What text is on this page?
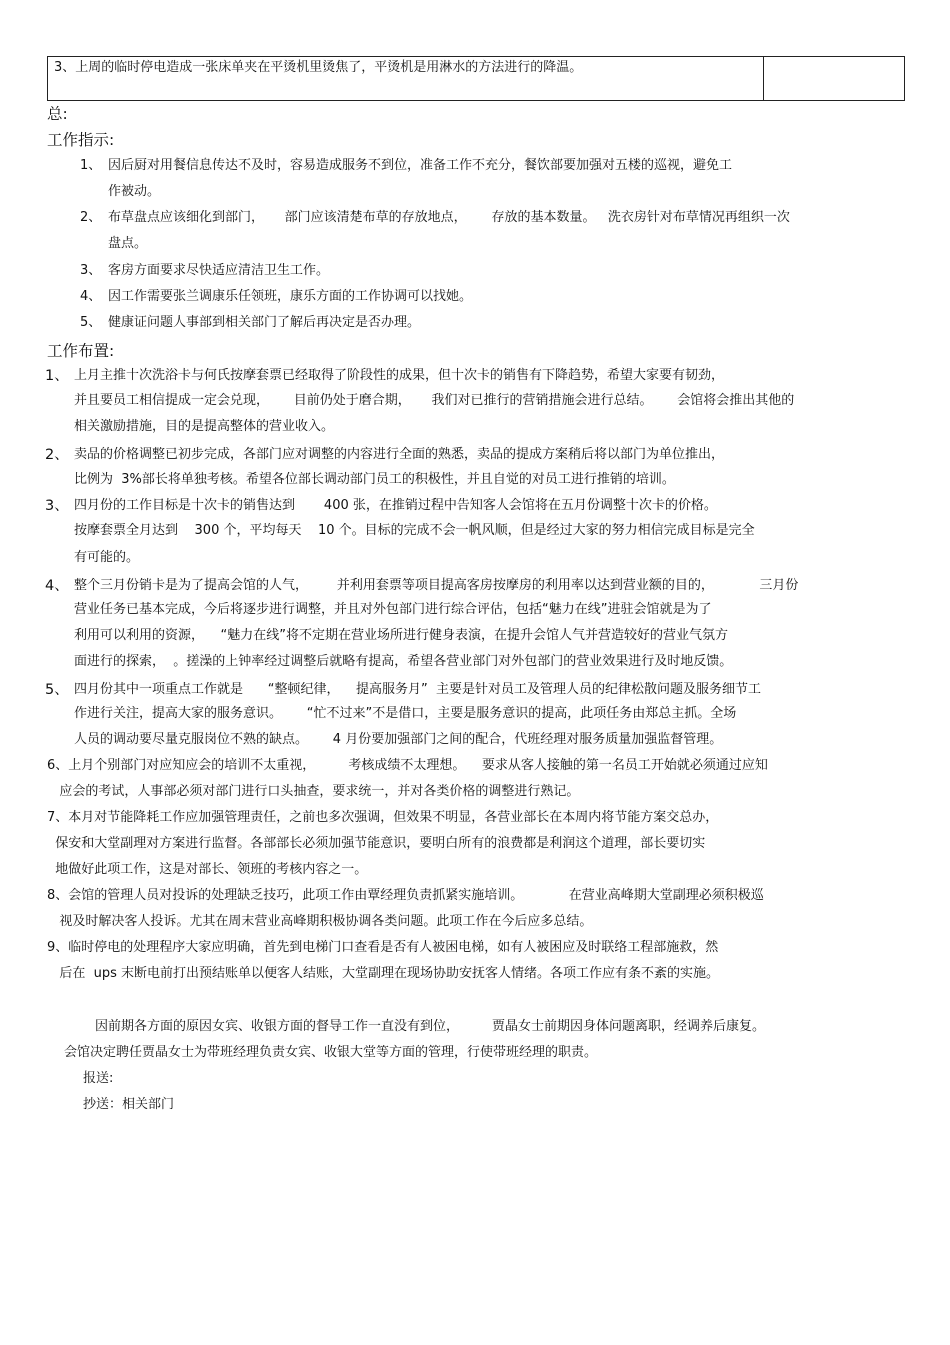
3、上周的临时停电造成一张床单夹在平烫机里烫焦了，平烫机是用淋水的方法进行的降温。
总:
工作指示:
1、 因后厨对用餐信息传达不及时，容易造成服务不到位，准备工作不充分，餐饮部要加强对五楼的巡视，避免工
作被动。
2、 布草盘点应该细化到部门，     部门应该清楚布草的存放地点，      存放的基本数量。   洗衣房针对布草情况再组织一次
盘点。
3、 客房方面要求尽快适应清洁卫生工作。
4、 因工作需要张兰调康乐任领班，康乐方面的工作协调可以找她。
5、 健康证问题人事部到相关部门了解后再决定是否办理。
工作布置:
1、 上月主推十次洗浴卡与何氏按摩套票已经取得了阶段性的成果，但十次卡的销售有下降趋势，希望大家要有韧劲，
并且要员工相信提成一定会兑现，      目前仍处于磨合期，     我们对已推行的营销措施会进行总结。      会馆将会推出其他的
相关激励措施，目的是提高整体的营业收入。
2、 卖品的价格调整已初步完成，各部门应对调整的内容进行全面的熟悉，卖品的提成方案稍后将以部门为单位推出，
比例为  3%部长将单独考核。希望各位部长调动部门员工的积极性，并且自觉的对员工进行推销的培训。
3、 四月份的工作目标是十次卡的销售达到       400 张，在推销过程中告知客人会馆将在五月份调整十次卡的价格。
按摩套票全月达到    300 个，平均每天    10 个。目标的完成不会一帆风顺，但是经过大家的努力相信完成目标是完全
有可能的。
4、 整个三月份销卡是为了提高会馆的人气，       并利用套票等项目提高客房按摩房的利用率以达到营业额的目的，           三月份
营业任务已基本完成，今后将逐步进行调整，并且对外包部门进行综合评估，包括“魅力在线”进驻会馆就是为了
利用可以利用的资源，    “魅力在线”将不定期在营业场所进行健身表演，在提升会馆人气并营造较好的营业气氛方
面进行的探索，  。搓澡的上钟率经过调整后就略有提高，希望各营业部门对外包部门的营业效果进行及时地反馈。
5、 四月份其中一项重点工作就是      “整顿纪律，    提高服务月”  主要是针对员工及管理人员的纪律松散问题及服务细节工
作进行关注，提高大家的服务意识。      “忙不过来”不是借口，主要是服务意识的提高，此项任务由郑总主抓。全场
人员的调动要尽量克服岗位不熟的缺点。      4 月份要加强部门之间的配合，代班经理对服务质量加强监督管理。
6、上月个别部门对应知应会的培训不太重视，        考核成绩不太理想。    要求从客人接触的第一名员工开始就必须通过应知
应会的考试，人事部必须对部门进行口头抽查，要求统一，并对各类价格的调整进行熟记。
7、本月对节能降耗工作应加强管理责任，之前也多次强调，但效果不明显，各营业部长在本周内将节能方案交总办，
保安和大堂副理对方案进行监督。各部部长必须加强节能意识，要明白所有的浪费都是利润这个道理，部长要切实
地做好此项工作，这是对部长、领班的考核内容之一。
8、会馆的管理人员对投诉的处理缺乏技巧，此项工作由覃经理负责抓紧实施培训。           在营业高峰期大堂副理必须积极巡
视及时解决客人投诉。尤其在周末营业高峰期积极协调各类问题。此项工作在今后应多总结。
9、临时停电的处理程序大家应明确，首先到电梯门口查看是否有人被困电梯，如有人被困应及时联络工程部施救，然
后在  ups 末断电前打出预结账单以便客人结账，大堂副理在现场协助安抚客人情绪。各项工作应有条不紊的实施。
因前期各方面的原因女宾、收银方面的督导工作一直没有到位，        贾晶女士前期因身体问题离职，经调养后康复。
会馆决定聘任贾晶女士为带班经理负责女宾、收银大堂等方面的管理，行使带班经理的职责。
报送:
抄送：相关部门
